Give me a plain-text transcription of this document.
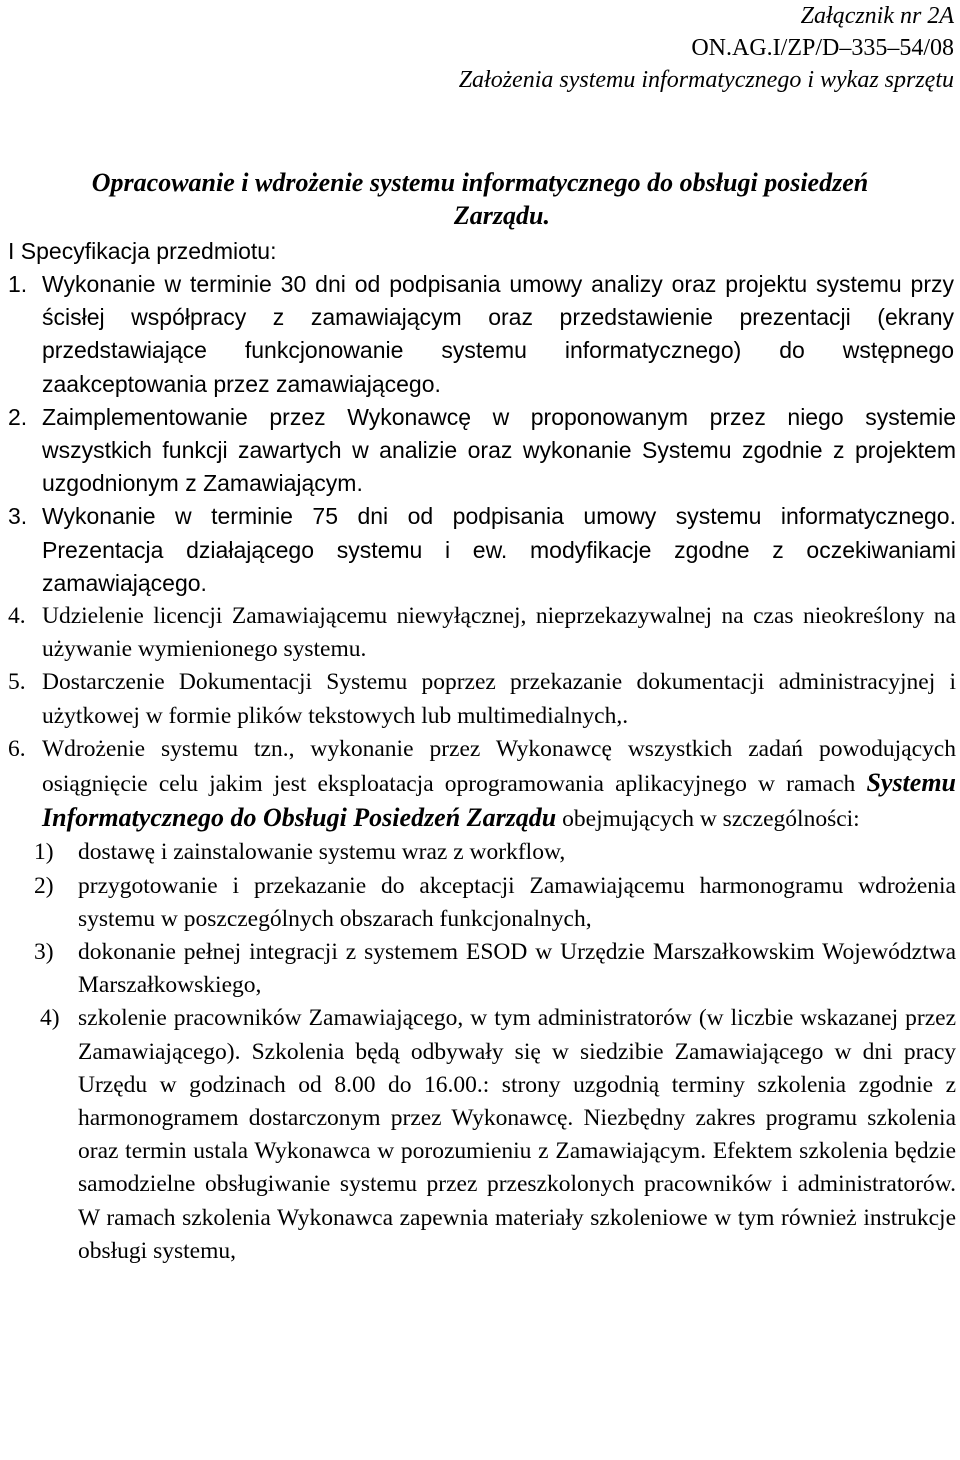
Załącznik nr 2A
ON.AG.I/ZP/D–335–54/08
Założenia systemu informatycznego i wykaz sprzętu
Opracowanie i wdrożenie systemu informatycznego do obsługi posiedzeń
Zarządu.
I Specyfikacja przedmiotu:
1. Wykonanie w terminie 30 dni od podpisania umowy analizy oraz projektu systemu przy ścisłej współpracy z zamawiającym oraz przedstawienie prezentacji (ekrany przedstawiające funkcjonowanie systemu informatycznego) do wstępnego zaakceptowania przez zamawiającego.
2. Zaimplementowanie przez Wykonawcę w proponowanym przez niego systemie wszystkich funkcji zawartych w analizie oraz wykonanie Systemu zgodnie z projektem uzgodnionym z Zamawiającym.
3. Wykonanie w terminie 75 dni od podpisania umowy systemu informatycznego. Prezentacja działającego systemu i ew. modyfikacje zgodne z oczekiwaniami zamawiającego.
4. Udzielenie licencji Zamawiającemu niewyłącznej, nieprzekazywalnej na czas nieokreślony na używanie wymienionego systemu.
5. Dostarczenie Dokumentacji Systemu poprzez przekazanie dokumentacji administracyjnej i użytkowej w formie plików tekstowych lub multimedialnych,.
6. Wdrożenie systemu tzn., wykonanie przez Wykonawcę wszystkich zadań powodujących osiągnięcie celu jakim jest eksploatacja oprogramowania aplikacyjnego w ramach Systemu Informatycznego do Obsługi Posiedzeń Zarządu obejmujących w szczególności:
1) dostawę i zainstalowanie systemu wraz z workflow,
2) przygotowanie i przekazanie do akceptacji Zamawiającemu harmonogramu wdrożenia systemu w poszczególnych obszarach funkcjonalnych,
3) dokonanie pełnej integracji z systemem ESOD w Urzędzie Marszałkowskim Województwa Marszałkowskiego,
4) szkolenie pracowników Zamawiającego, w tym administratorów (w liczbie wskazanej przez Zamawiającego). Szkolenia będą odbywały się w siedzibie Zamawiającego w dni pracy Urzędu w godzinach od 8.00 do 16.00.: strony uzgodnią terminy szkolenia zgodnie z harmonogramem dostarczonym przez Wykonawcę. Niezbędny zakres programu szkolenia oraz termin ustala Wykonawca w porozumieniu z Zamawiającym. Efektem szkolenia będzie samodzielne obsługiwanie systemu przez przeszkolonych pracowników i administratorów. W ramach szkolenia Wykonawca zapewnia materiały szkoleniowe w tym również instrukcje obsługi systemu,
